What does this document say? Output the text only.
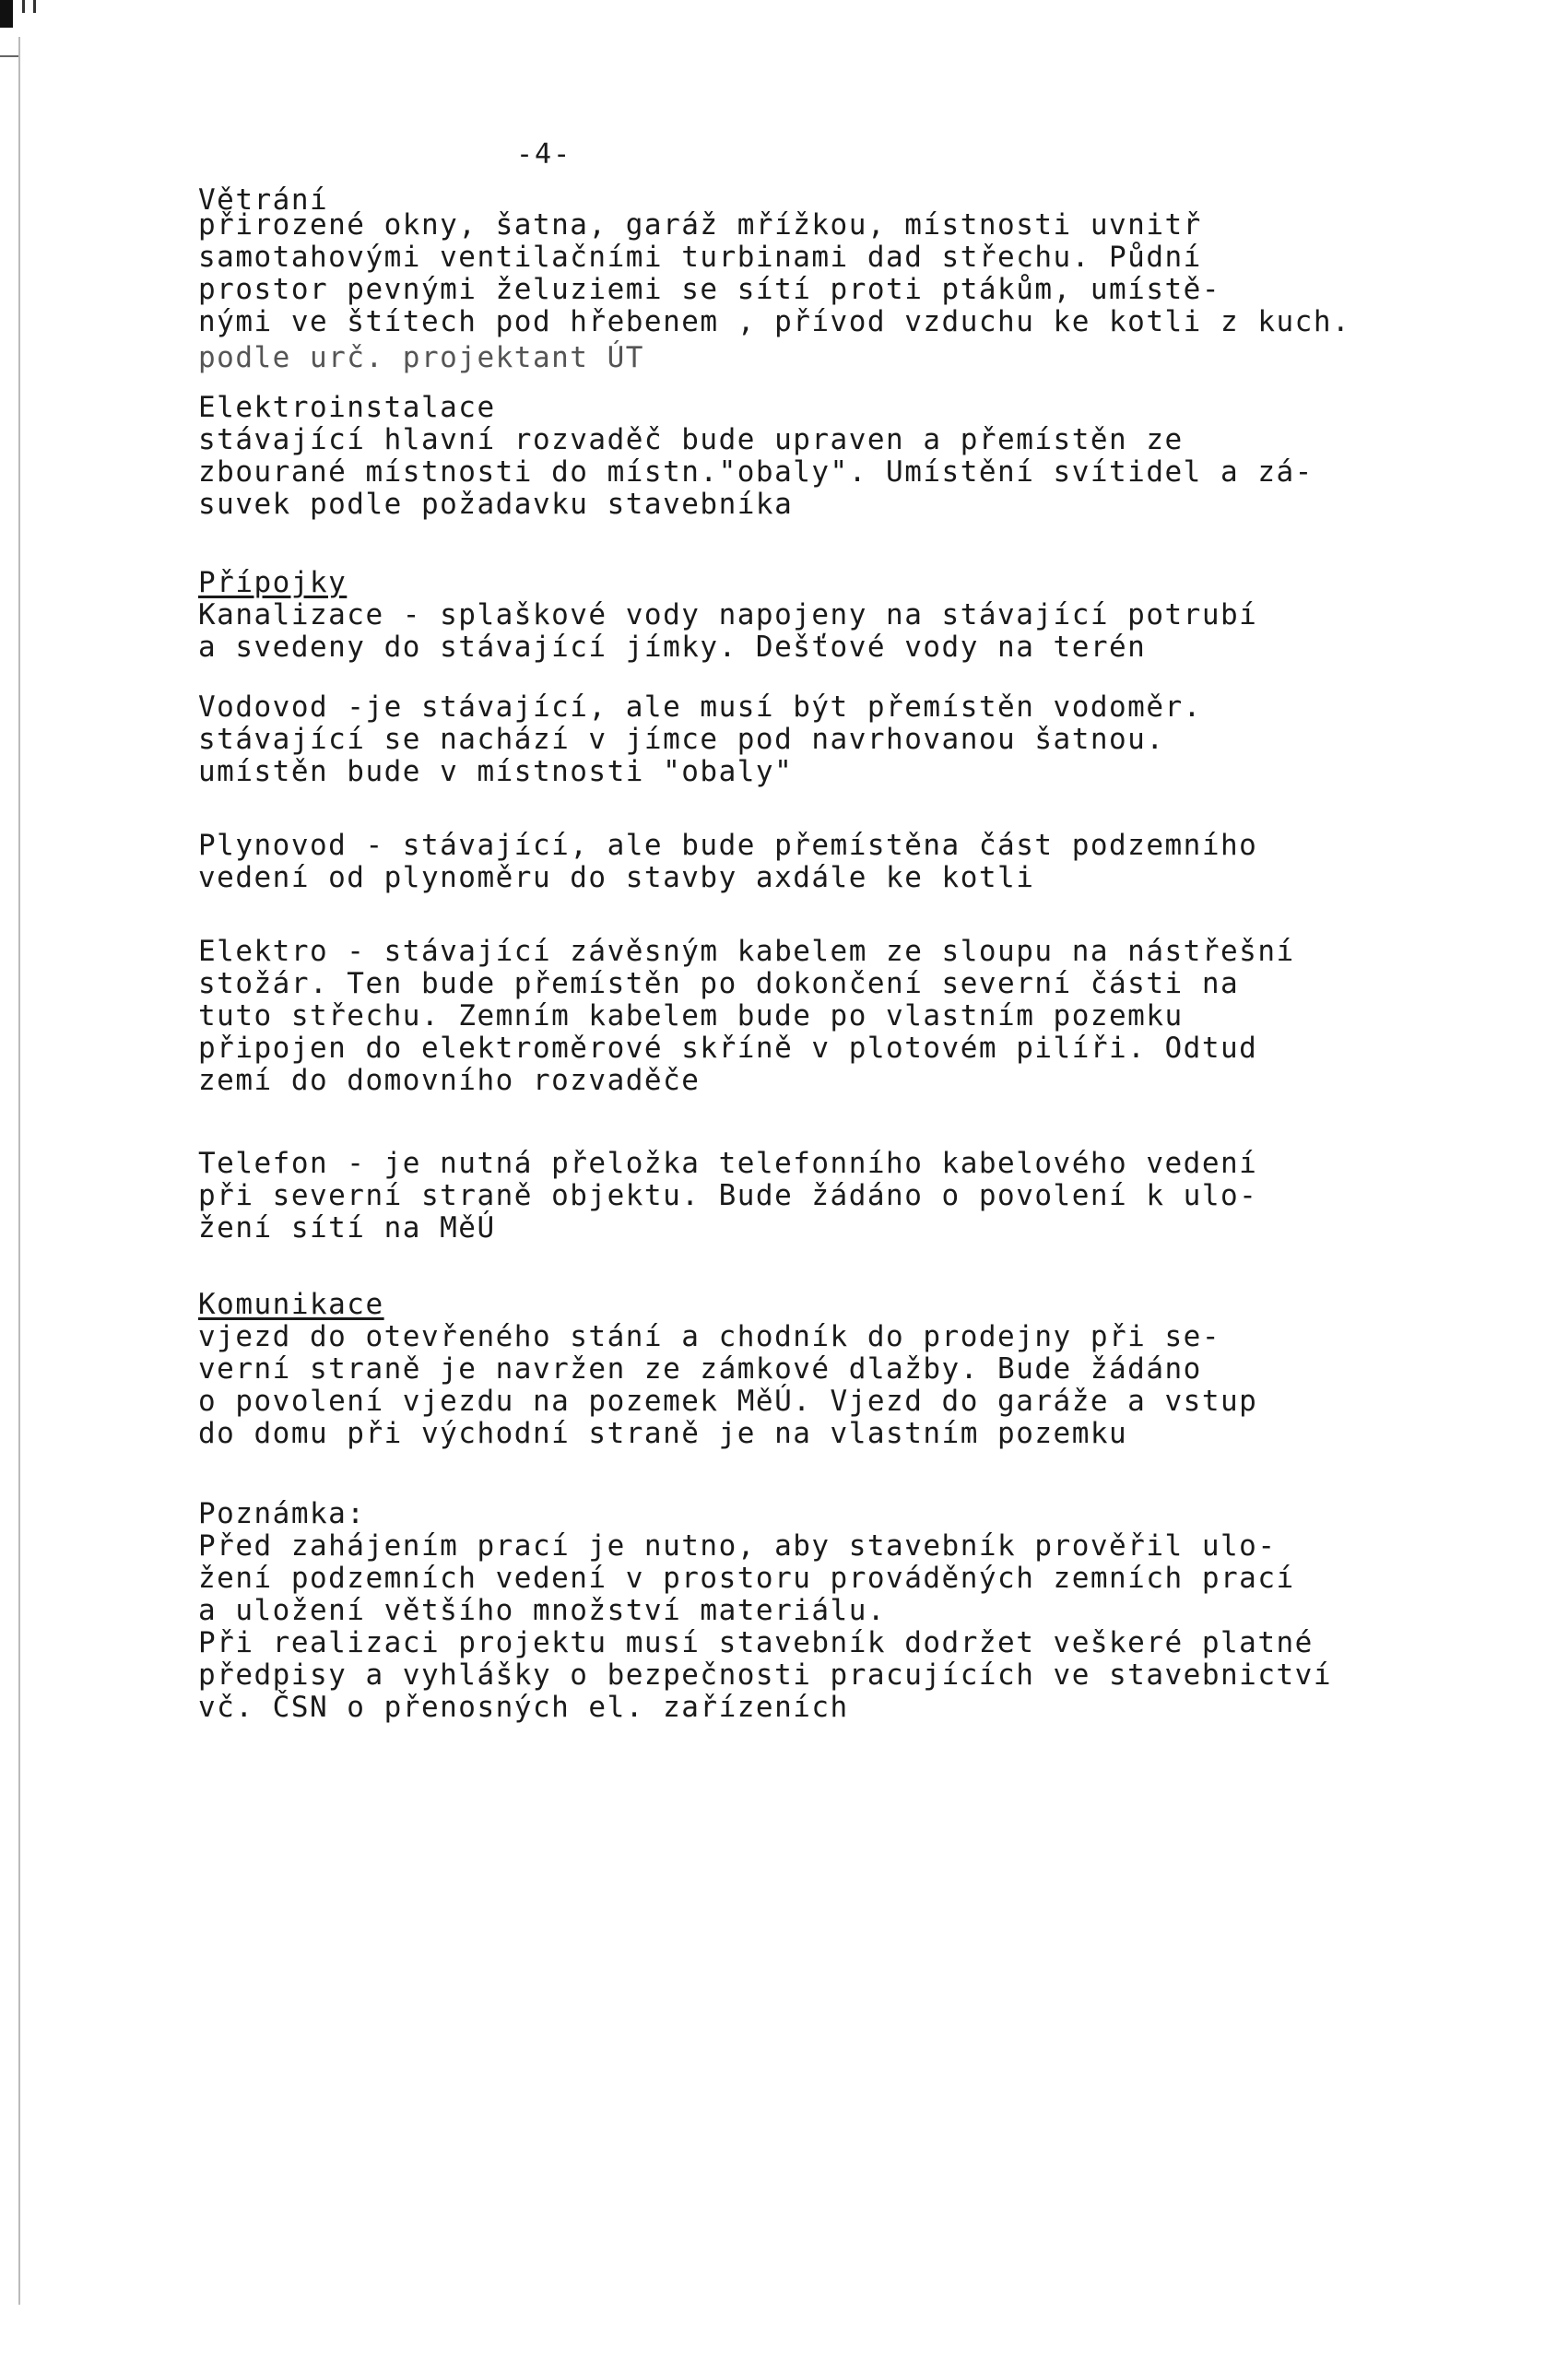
-4-
Větrání
přirozené okny, šatna, garáž mřížkou, místnosti uvnitř
samotahovými ventilačními turbinami dad střechu. Půdní
prostor pevnými želuziemi se sítí proti ptákům, umístě-
nými ve štítech pod hřebenem , přívod vzduchu ke kotli z kuch.
podle urč. projektant ÚT
Elektroinstalace
stávající hlavní rozvaděč bude upraven a přemístěn ze
zbourané místnosti do místn."obaly". Umístění svítidel a zá-
suvek podle požadavku stavebníka
Přípojky
Kanalizace - splaškové vody napojeny na stávající potrubí
a svedeny do stávající jímky. Dešťové vody na terén
Vodovod -je stávající, ale musí být přemístěn vodoměr.
stávající se nachází v jímce pod navrhovanou šatnou.
umístěn bude v místnosti "obaly"
Plynovod - stávající, ale bude přemístěna část podzemního
vedení od plynoměru do stavby axdále ke kotli
Elektro - stávající závěsným kabelem ze sloupu na nástřešní
stožár. Ten bude přemístěn po dokončení severní části na
tuto střechu. Zemním kabelem bude po vlastním pozemku
připojen do elektroměrové skříně v plotovém pilíři. Odtud
zemí do domovního rozvaděče
Telefon - je nutná přeložka telefonního kabelového vedení
při severní straně objektu. Bude žádáno o povolení k ulo-
žení sítí na MěÚ
Komunikace
vjezd do otevřeného stání a chodník do prodejny při se-
verní straně je navržen ze zámkové dlažby. Bude žádáno
o povolení vjezdu na pozemek MěÚ. Vjezd do garáže a vstup
do domu při východní straně je na vlastním pozemku
Poznámka:
Před zahájením prací je nutno, aby stavebník prověřil ulo-
žení podzemních vedení v prostoru prováděných zemních prací
a uložení většího množství materiálu.
Při realizaci projektu musí stavebník dodržet veškeré platné
předpisy a vyhlášky o bezpečnosti pracujících ve stavebnictví
vč. ČSN o přenosných el. zařízeních
